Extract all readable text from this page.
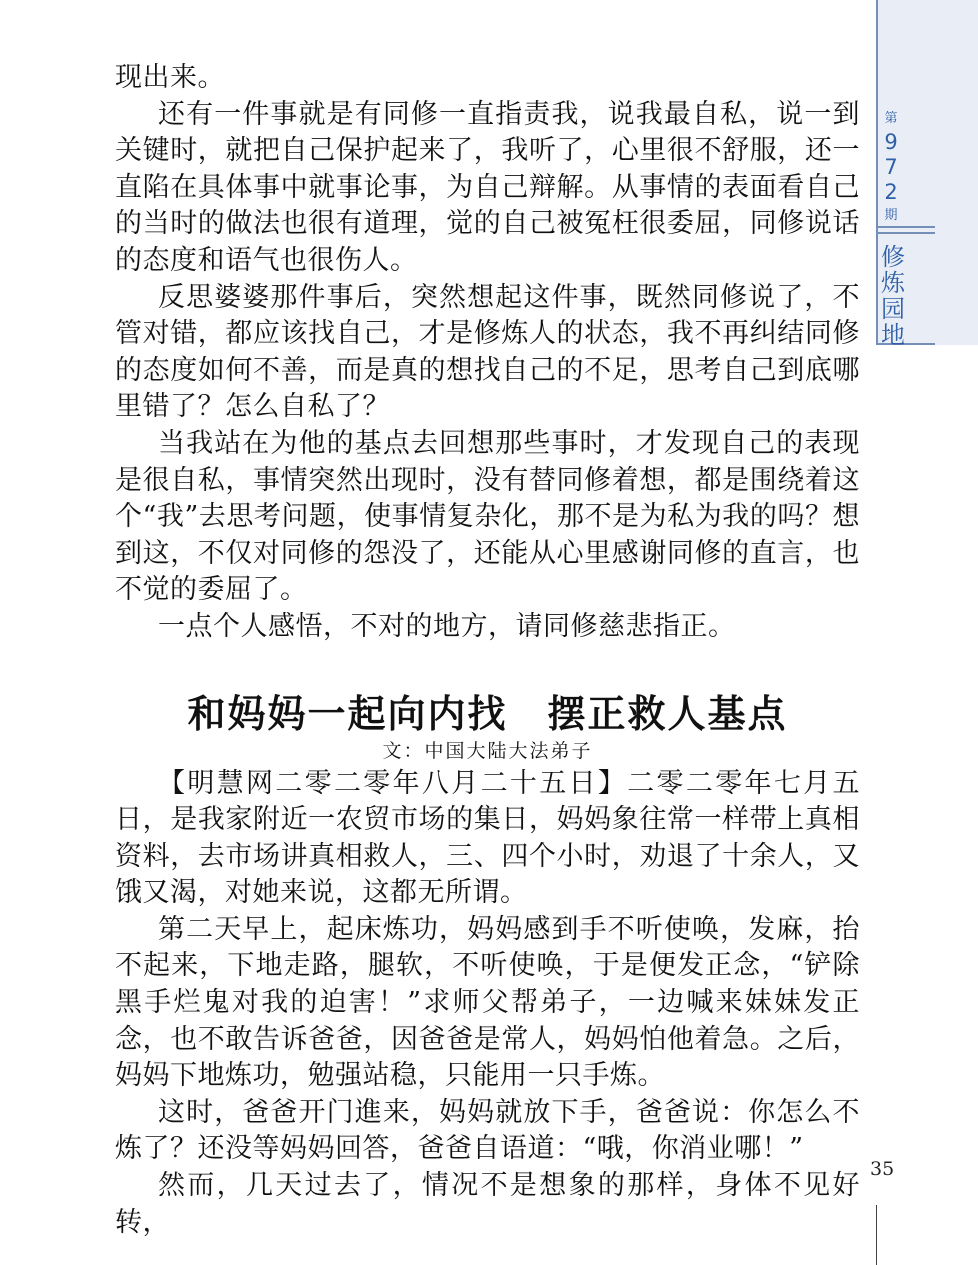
第
9
7
2
期
修炼园地

现出来。

还有一件事就是有同修一直指责我，说我最自私，说一到关键时，就把自己保护起来了，我听了，心里很不舒服，还一直陷在具体事中就事论事，为自己辩解。从事情的表面看自己的当时的做法也很有道理，觉的自己被冤枉很委屈，同修说话的态度和语气也很伤人。

反思婆婆那件事后，突然想起这件事，既然同修说了，不管对错，都应该找自己，才是修炼人的状态，我不再纠结同修的态度如何不善，而是真的想找自己的不足，思考自己到底哪里错了？怎么自私了？

当我站在为他的基点去回想那些事时，才发现自己的表现是很自私，事情突然出现时，没有替同修着想，都是围绕着这个“我”去思考问题，使事情复杂化，那不是为私为我的吗？想到这，不仅对同修的怨没了，还能从心里感谢同修的直言，也不觉的委屈了。

一点个人感悟，不对的地方，请同修慈悲指正。

和妈妈一起向内找　摆正救人基点
文：中国大陆大法弟子

【明慧网二零二零年八月二十五日】二零二零年七月五日，是我家附近一农贸市场的集日，妈妈象往常一样带上真相资料，去市场讲真相救人，三、四个小时，劝退了十余人，又饿又渴，对她来说，这都无所谓。

第二天早上，起床炼功，妈妈感到手不听使唤，发麻，抬不起来，下地走路，腿软，不听使唤，于是便发正念，“铲除黑手烂鬼对我的迫害！”求师父帮弟子，一边喊来妹妹发正念，也不敢告诉爸爸，因爸爸是常人，妈妈怕他着急。之后，妈妈下地炼功，勉强站稳，只能用一只手炼。

这时，爸爸开门進来，妈妈就放下手，爸爸说：你怎么不炼了？还没等妈妈回答，爸爸自语道：“哦，你消业哪！”

然而，几天过去了，情况不是想象的那样，身体不见好转，

35
